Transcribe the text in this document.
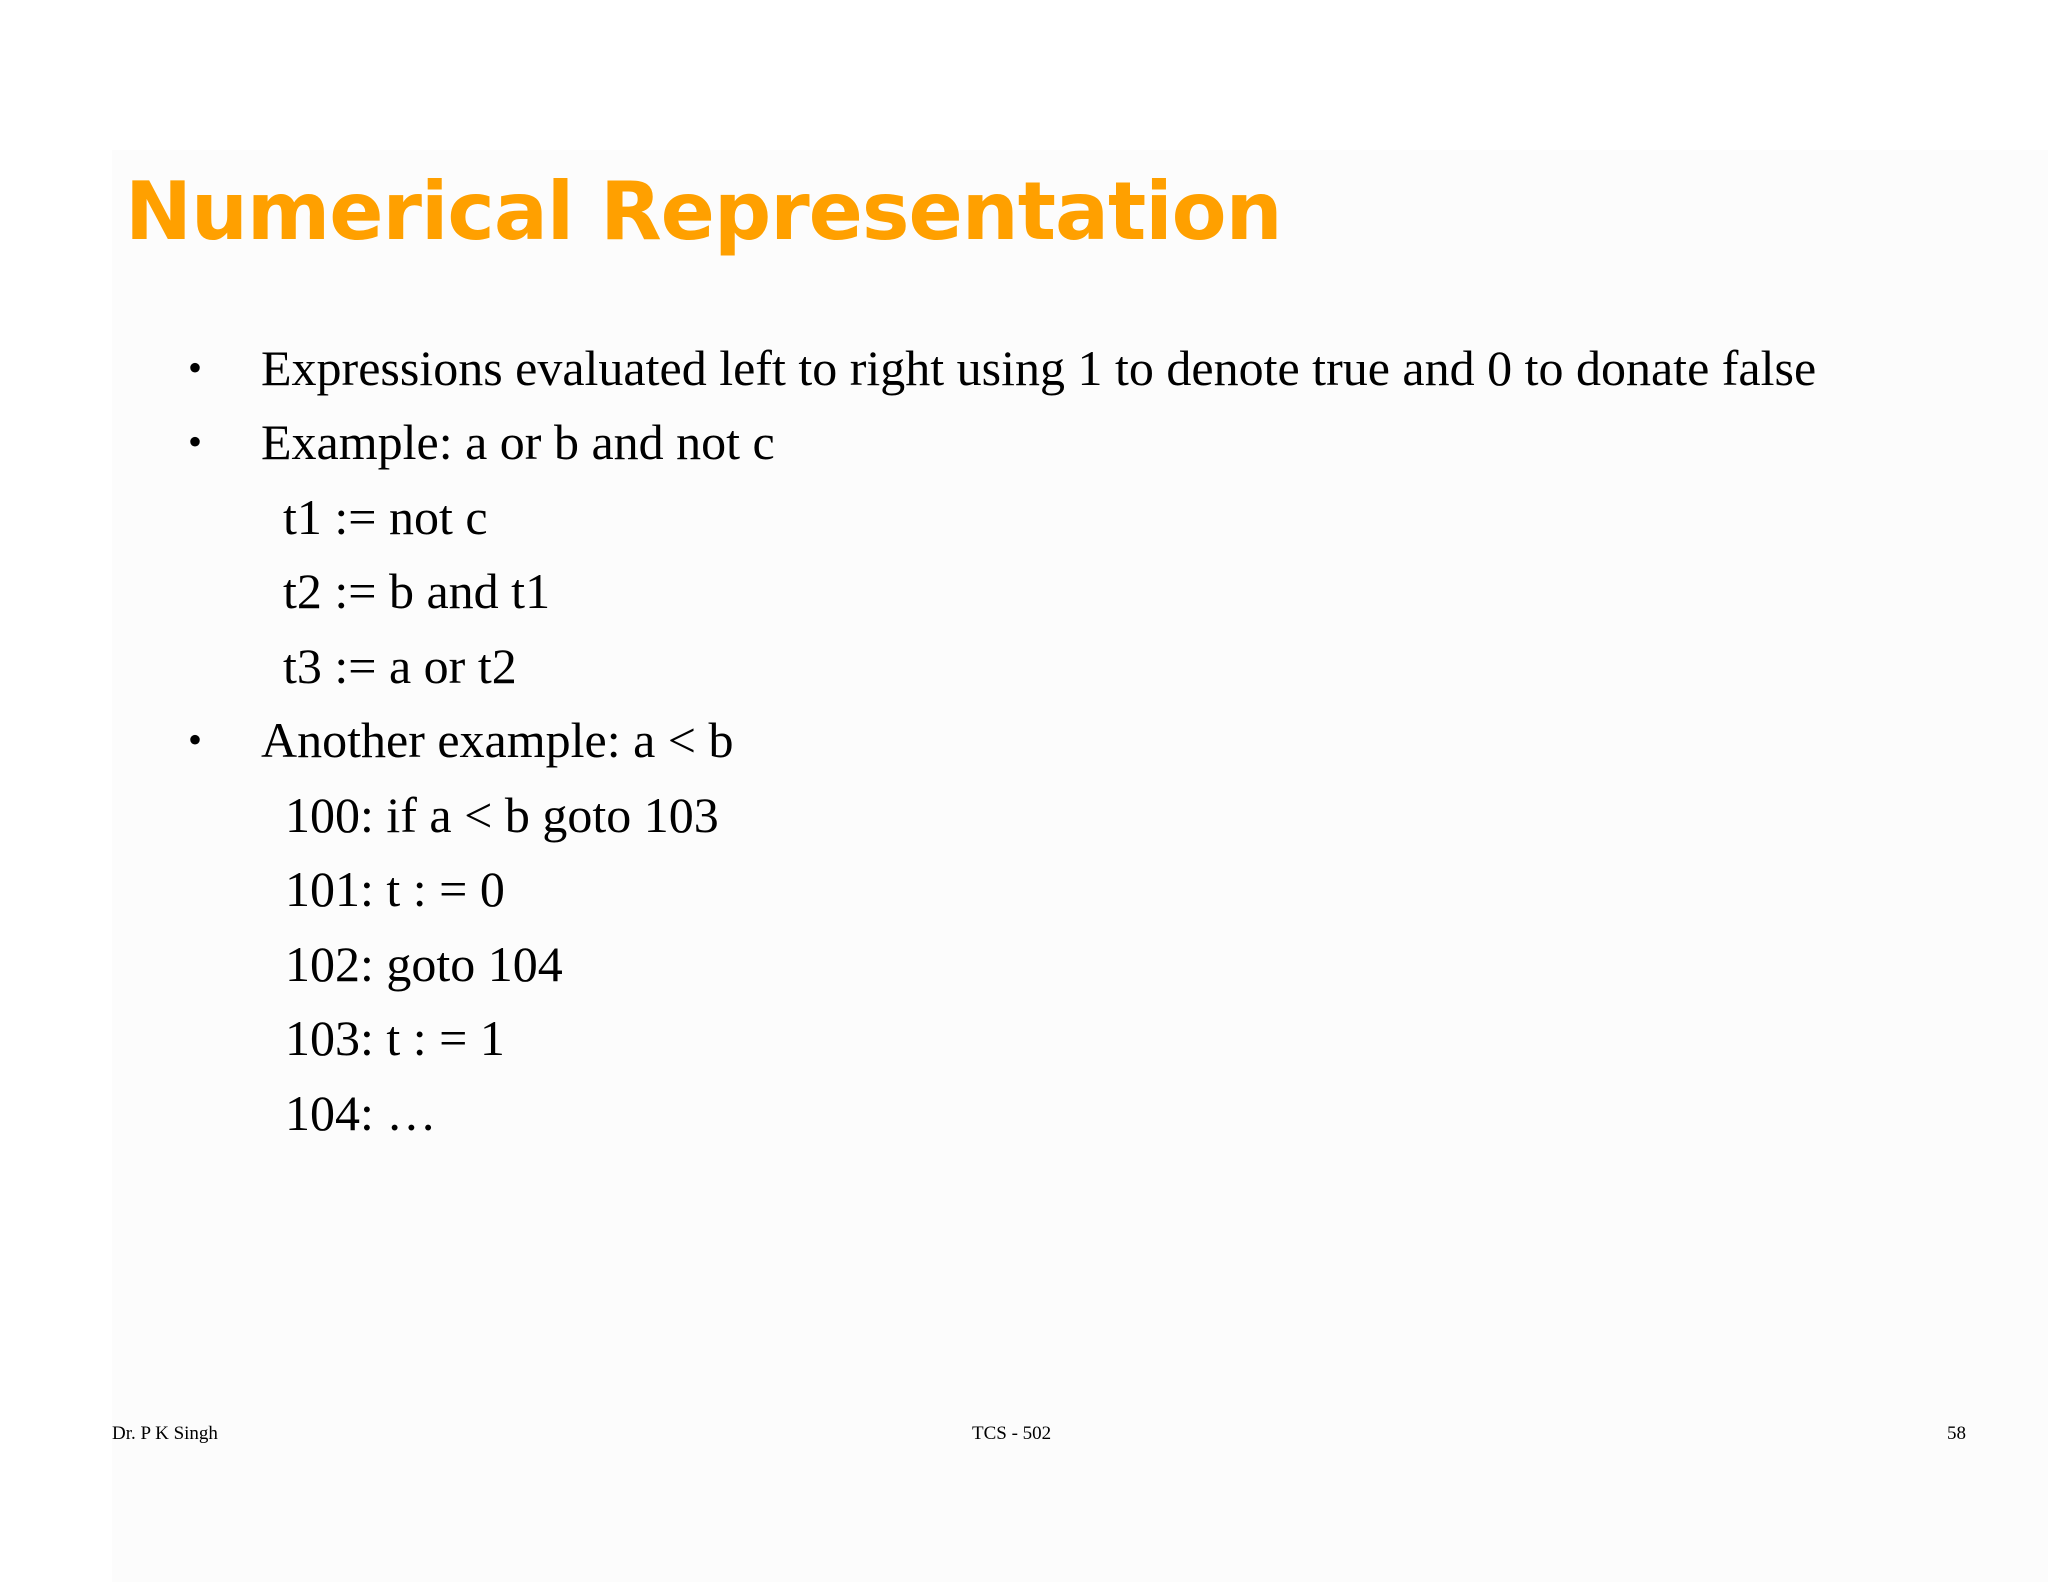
Numerical Representation
• Expressions evaluated left to right using 1 to denote true and 0 to donate false
• Example: a or b and not c
t1 := not c
t2 := b and t1
t3 := a or t2
• Another example: a < b
100: if a < b goto 103
101: t : = 0
102: goto 104
103: t : = 1
104: …
Dr. P K Singh	TCS - 502	58
